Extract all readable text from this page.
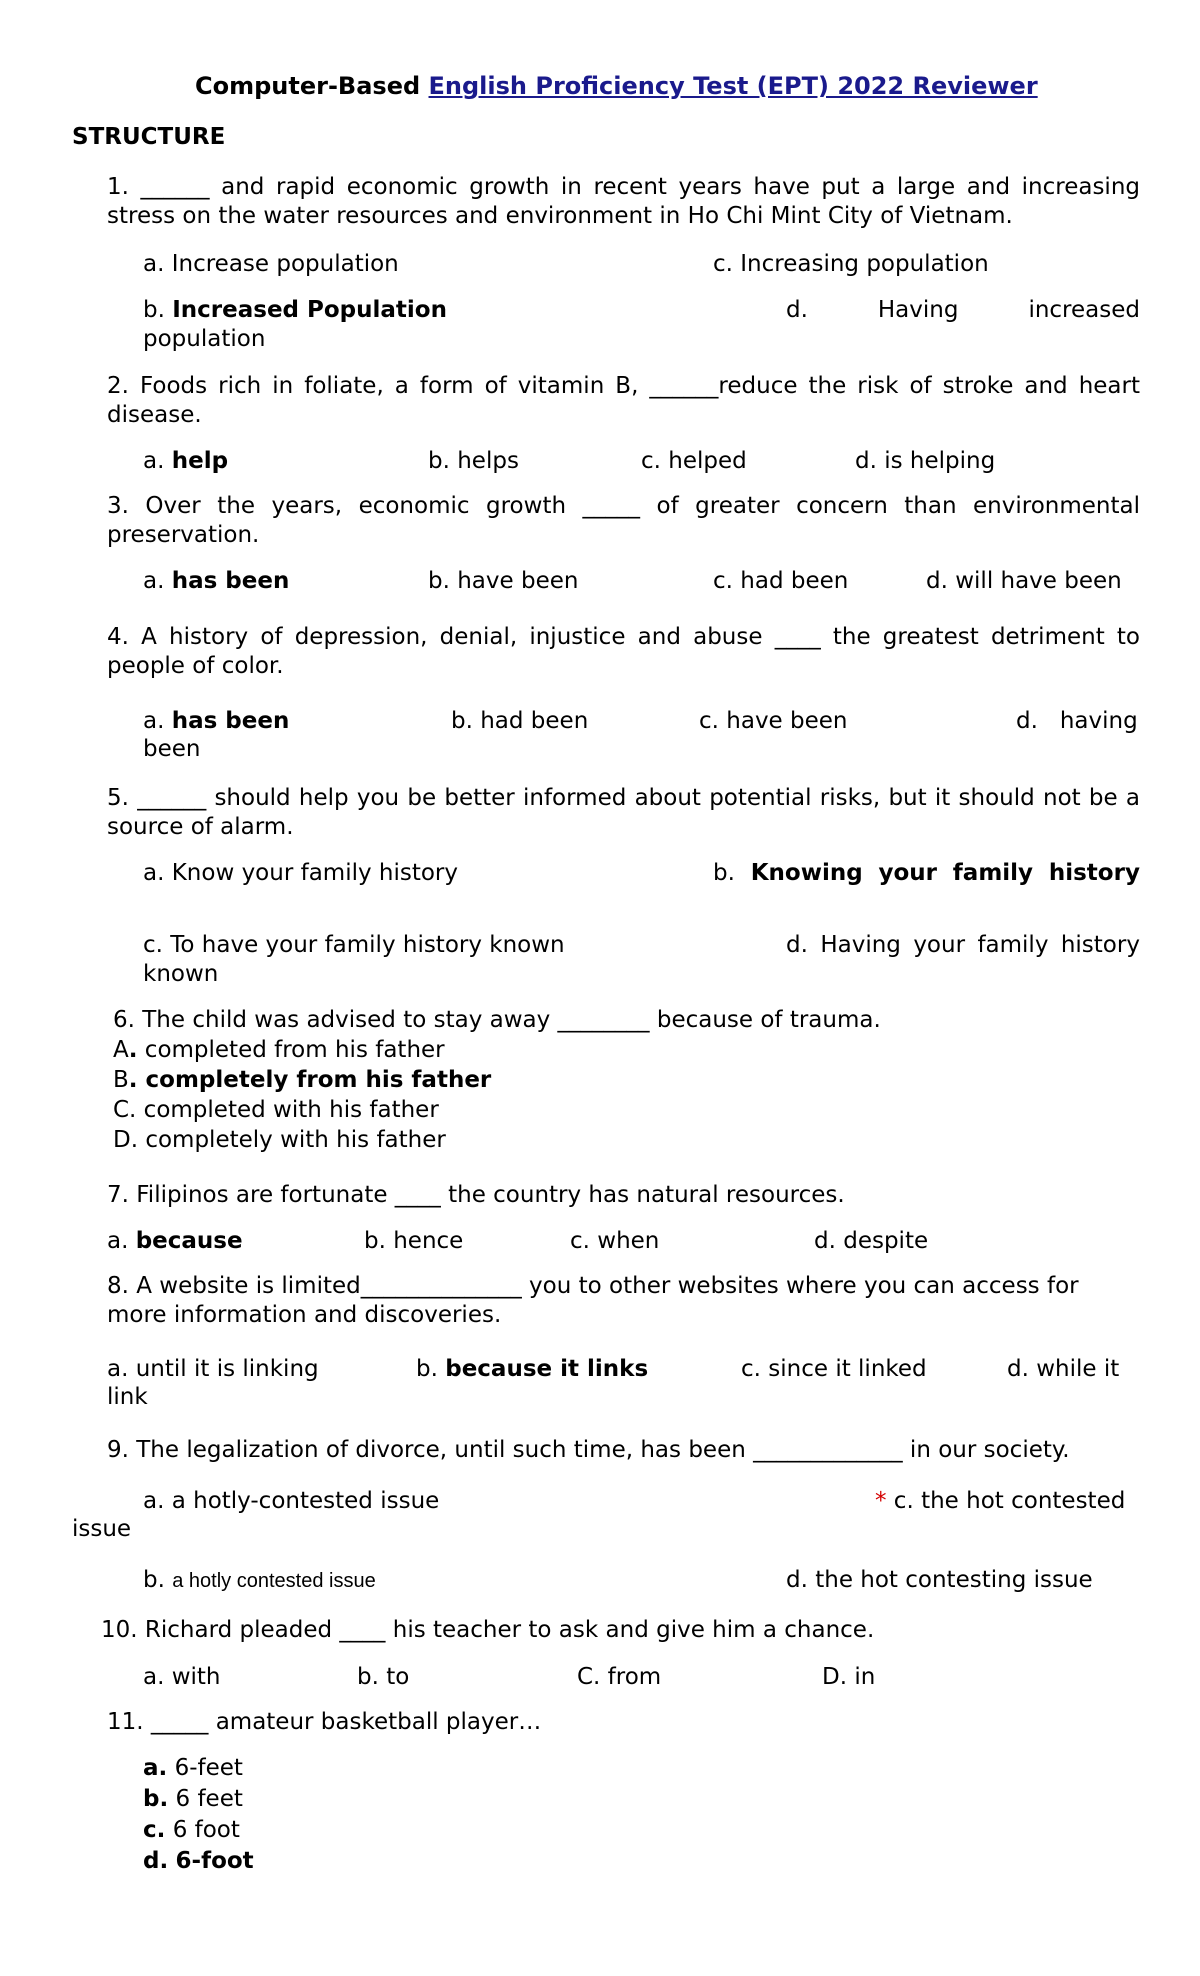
Computer-Based English Proficiency Test (EPT) 2022 Reviewer
STRUCTURE
1. ______ and rapid economic growth in recent years have put a large and increasing stress on the water resources and environment in Ho Chi Mint City of Vietnam.
a. Increase population	c. Increasing population
b. Increased Population	d.	Having	increased
population
2. Foods rich in foliate, a form of vitamin B, ______reduce the risk of stroke and heart disease.
a. help	b. helps	c. helped	d. is helping
3. Over the years, economic growth _____ of greater concern than environmental preservation.
a. has been	b. have been	c. had been	d. will have been
4. A history of depression, denial, injustice and abuse ____ the greatest detriment to people of color.
a. has been	b. had been	c. have been	d.   having
been
5. ______ should help you be better informed about potential risks, but it should not be a source of alarm.
a. Know your family history	b. Knowing your family history
c. To have your family history known	d. Having your family history
known
6. The child was advised to stay away ________ because of trauma.
A. completed from his father
B. completely from his father
C. completed with his father
D. completely with his father
7. Filipinos are fortunate ____ the country has natural resources.
a. because	b. hence	c. when	d. despite
8. A website is limited______________ you to other websites where you can access for more information and discoveries.
a. until it is linking	b. because it links	c. since it linked	d. while it
link
9. The legalization of divorce, until such time, has been _____________ in our society.
a. a hotly-contested issue	* c. the hot contested
issue
b. a hotly contested issue	d. the hot contesting issue
10. Richard pleaded ____ his teacher to ask and give him a chance.
a. with	b. to	C. from	D. in
11. _____ amateur basketball player…
a. 6-feet
b. 6 feet
c. 6 foot
d. 6-foot
